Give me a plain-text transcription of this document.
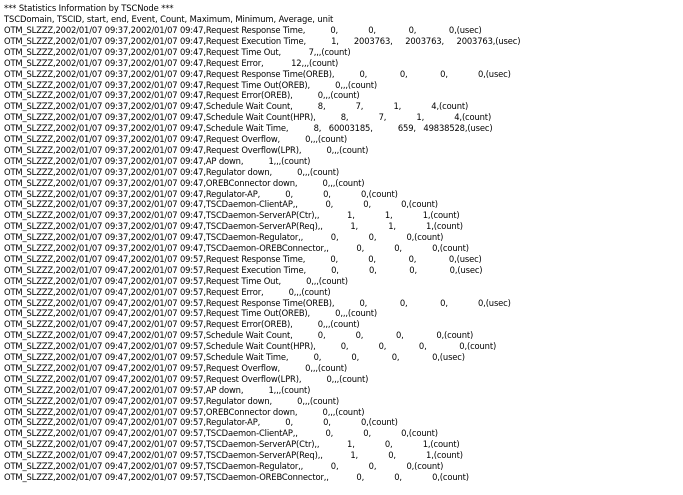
*** Statistics Information by TSCNode ***
TSCDomain, TSCID, start, end, Event, Count, Maximum, Minimum, Average, unit
OTM_SLZZZ,2002/01/07 09:37,2002/01/07 09:47,Request Response Time,          0,            0,             0,             0,(usec)
OTM_SLZZZ,2002/01/07 09:37,2002/01/07 09:47,Request Execution Time,          1,      2003763,     2003763,     2003763,(usec)
OTM_SLZZZ,2002/01/07 09:37,2002/01/07 09:47,Request Time Out,           7,,,(count)
OTM_SLZZZ,2002/01/07 09:37,2002/01/07 09:47,Request Error,           12,,,(count)
OTM_SLZZZ,2002/01/07 09:37,2002/01/07 09:47,Request Response Time(OREB),          0,             0,             0,            0,(usec)
OTM_SLZZZ,2002/01/07 09:37,2002/01/07 09:47,Request Time Out(OREB),          0,,,(count)
OTM_SLZZZ,2002/01/07 09:37,2002/01/07 09:47,Request Error(OREB),          0,,,(count)
OTM_SLZZZ,2002/01/07 09:37,2002/01/07 09:47,Schedule Wait Count,          8,            7,            1,            4,(count)
OTM_SLZZZ,2002/01/07 09:37,2002/01/07 09:47,Schedule Wait Count(HPR),          8,            7,            1,            4,(count)
OTM_SLZZZ,2002/01/07 09:37,2002/01/07 09:47,Schedule Wait Time,          8,   60003185,          659,   49838528,(usec)
OTM_SLZZZ,2002/01/07 09:37,2002/01/07 09:47,Request Overflow,          0,,,(count)
OTM_SLZZZ,2002/01/07 09:37,2002/01/07 09:47,Request Overflow(LPR),          0,,,(count)
OTM_SLZZZ,2002/01/07 09:37,2002/01/07 09:47,AP down,          1,,,(count)
OTM_SLZZZ,2002/01/07 09:37,2002/01/07 09:47,Regulator down,          0,,,(count)
OTM_SLZZZ,2002/01/07 09:37,2002/01/07 09:47,OREBConnector down,          0,,,(count)
OTM_SLZZZ,2002/01/07 09:37,2002/01/07 09:47,Regulator-AP,          0,            0,            0,(count)
OTM_SLZZZ,2002/01/07 09:37,2002/01/07 09:47,TSCDaemon-ClientAP,,           0,            0,            0,(count)
OTM_SLZZZ,2002/01/07 09:37,2002/01/07 09:47,TSCDaemon-ServerAP(Ctr),,           1,            1,            1,(count)
OTM_SLZZZ,2002/01/07 09:37,2002/01/07 09:47,TSCDaemon-ServerAP(Req),,           1,            1,            1,(count)
OTM_SLZZZ,2002/01/07 09:37,2002/01/07 09:47,TSCDaemon-Regulator,,           0,            0,            0,(count)
OTM_SLZZZ,2002/01/07 09:37,2002/01/07 09:47,TSCDaemon-OREBConnector,,           0,            0,            0,(count)
OTM_SLZZZ,2002/01/07 09:47,2002/01/07 09:57,Request Response Time,          0,            0,             0,             0,(usec)
OTM_SLZZZ,2002/01/07 09:47,2002/01/07 09:57,Request Execution Time,          0,            0,             0,             0,(usec)
OTM_SLZZZ,2002/01/07 09:47,2002/01/07 09:57,Request Time Out,          0,,,(count)
OTM_SLZZZ,2002/01/07 09:47,2002/01/07 09:57,Request Error,          0,,,(count)
OTM_SLZZZ,2002/01/07 09:47,2002/01/07 09:57,Request Response Time(OREB),          0,             0,             0,            0,(usec)
OTM_SLZZZ,2002/01/07 09:47,2002/01/07 09:57,Request Time Out(OREB),          0,,,(count)
OTM_SLZZZ,2002/01/07 09:47,2002/01/07 09:57,Request Error(OREB),          0,,,(count)
OTM_SLZZZ,2002/01/07 09:47,2002/01/07 09:57,Schedule Wait Count,          0,            0,             0,             0,(count)
OTM_SLZZZ,2002/01/07 09:47,2002/01/07 09:57,Schedule Wait Count(HPR),          0,            0,             0,             0,(count)
OTM_SLZZZ,2002/01/07 09:47,2002/01/07 09:57,Schedule Wait Time,          0,            0,             0,             0,(usec)
OTM_SLZZZ,2002/01/07 09:47,2002/01/07 09:57,Request Overflow,          0,,,(count)
OTM_SLZZZ,2002/01/07 09:47,2002/01/07 09:57,Request Overflow(LPR),          0,,,(count)
OTM_SLZZZ,2002/01/07 09:47,2002/01/07 09:57,AP down,          1,,,(count)
OTM_SLZZZ,2002/01/07 09:47,2002/01/07 09:57,Regulator down,          0,,,(count)
OTM_SLZZZ,2002/01/07 09:47,2002/01/07 09:57,OREBConnector down,          0,,,(count)
OTM_SLZZZ,2002/01/07 09:47,2002/01/07 09:57,Regulator-AP,          0,            0,            0,(count)
OTM_SLZZZ,2002/01/07 09:47,2002/01/07 09:57,TSCDaemon-ClientAP,,           0,            0,            0,(count)
OTM_SLZZZ,2002/01/07 09:47,2002/01/07 09:57,TSCDaemon-ServerAP(Ctr),,           1,            0,            1,(count)
OTM_SLZZZ,2002/01/07 09:47,2002/01/07 09:57,TSCDaemon-ServerAP(Req),,           1,            0,            1,(count)
OTM_SLZZZ,2002/01/07 09:47,2002/01/07 09:57,TSCDaemon-Regulator,,           0,            0,            0,(count)
OTM_SLZZZ,2002/01/07 09:47,2002/01/07 09:57,TSCDaemon-OREBConnector,,           0,            0,            0,(count)
